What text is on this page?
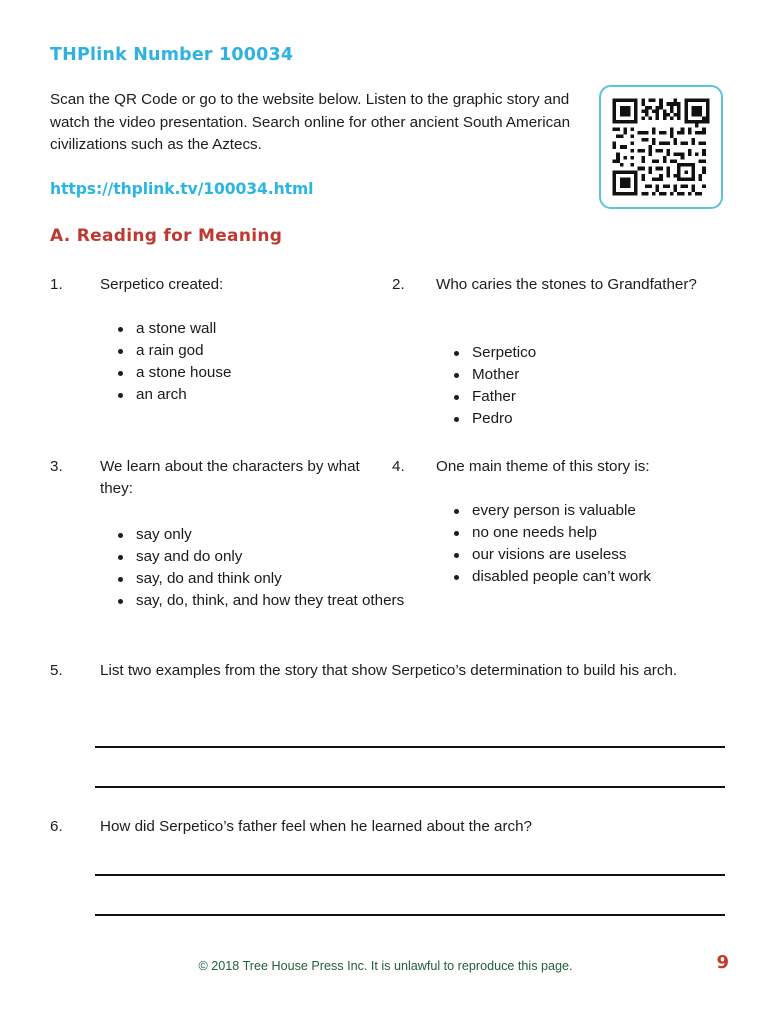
THPlink Number 100034
Scan the QR Code or go to the website below. Listen to the graphic story and watch the video presentation. Search online for other ancient South American civilizations such as the Aztecs.
https://thplink.tv/100034.html
A. Reading for Meaning
1.	Serpetico created:
a stone wall
a rain god
a stone house
an arch
2.	Who caries the stones to Grandfather?
Serpetico
Mother
Father
Pedro
3.	We learn about the characters by what they:
say only
say and do only
say, do and think only
say, do, think, and how they treat others
4.	One main theme of this story is:
every person is valuable
no one needs help
our visions are useless
disabled people can’t work
5.	List two examples from the story that show Serpetico’s determination to build his arch.
6.	How did Serpetico’s father feel when he learned about the arch?
© 2018 Tree House Press Inc. It is unlawful to reproduce this page.	9
